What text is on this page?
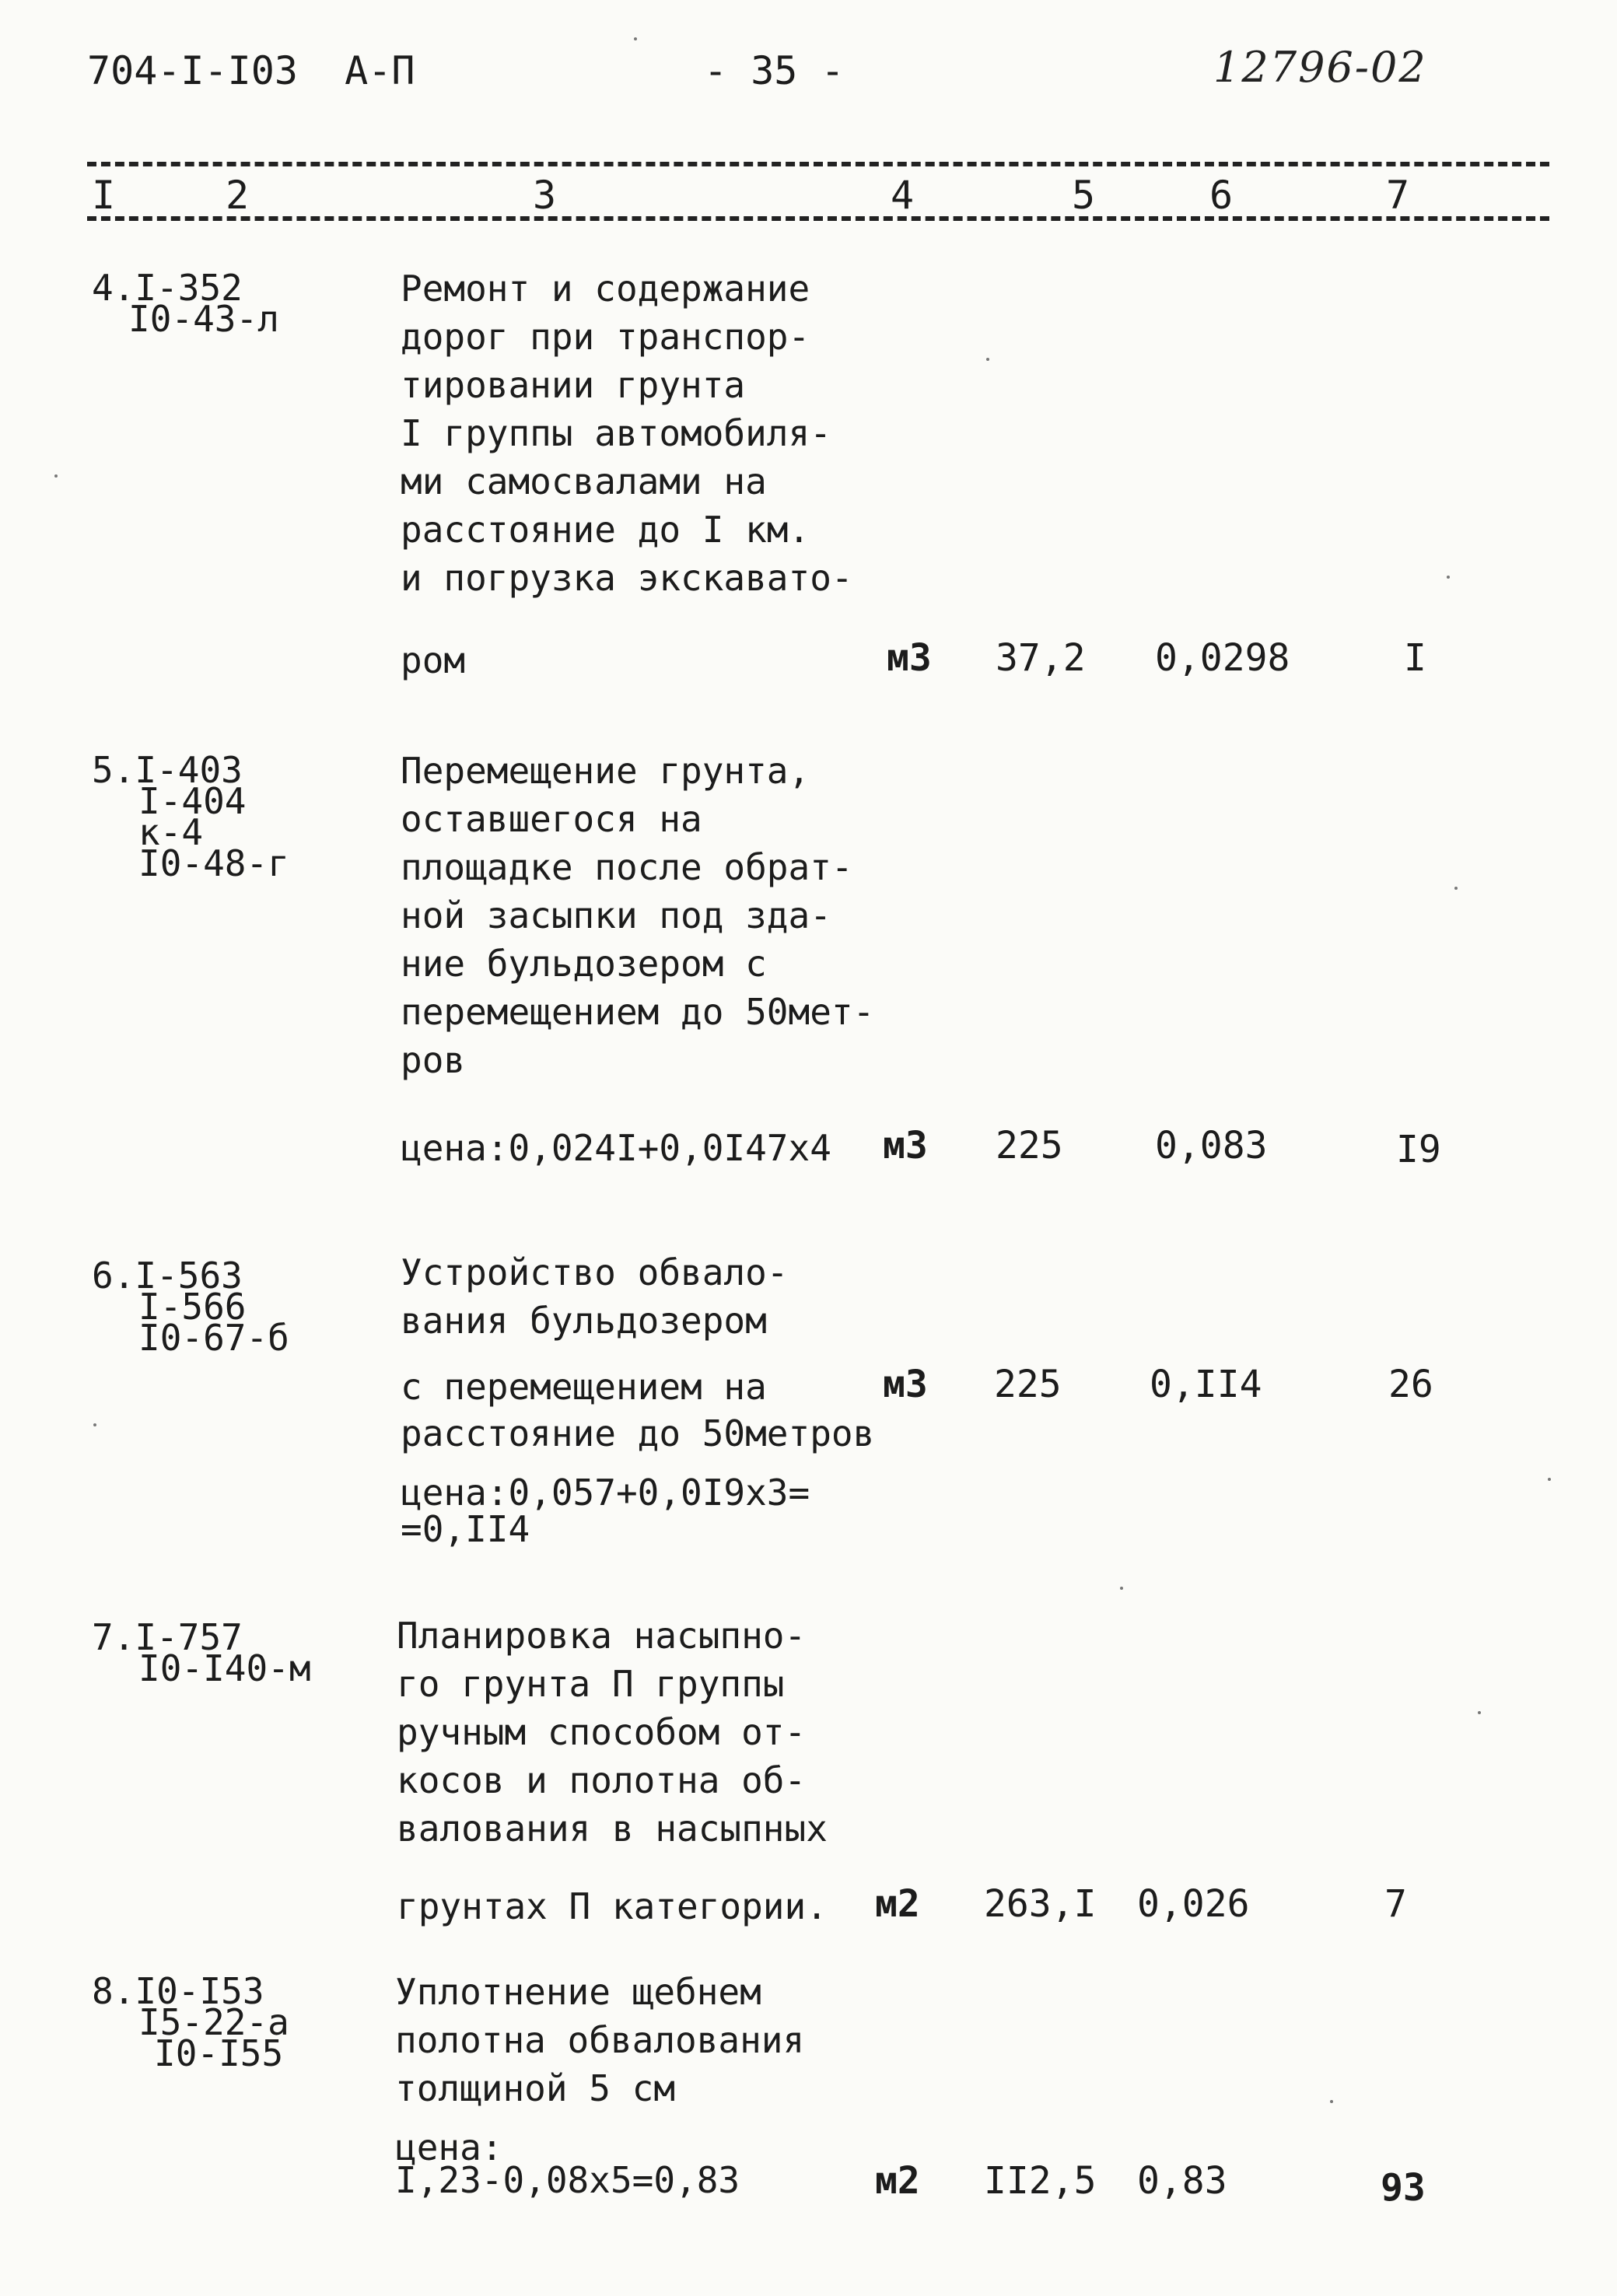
704-I-I03  А-П	- 35 -	12796-02
I	2	3	4	5	6	7
4.I-352
I0-43-л
Ремонт и содержание
дорог при транспор-
тировании грунта
I группы автомобиля-
ми самосвалами на
расстояние до I км.
и погрузка экскавато-
ром	м3 37,2 0,0298	I
5.I-403
I-404
к-4
I0-48-г
Перемещение грунта,
оставшегося на
площадке после обрат-
ной засыпки под зда-
ние бульдозером с
перемещением до 50мет-
ров
цена:0,024I+0,0I47x4 м3 225 0,083	I9
6.I-563
I-566
I0-67-б
Устройство обвало-
вания бульдозером
с перемещением на
расстояние до 50метров
цена:0,057+0,0I9x3=
=0,II4
м3 225 0,II4	26
7.I-757
I0-I40-м
Планировка насыпно-
го грунта П группы
ручным способом от-
косов и полотна об-
валования в насыпных
грунтах П категории. м2 263,I 0,026	7
8.I0-I53
I5-22-а
I0-I55
Уплотнение щебнем
полотна обвалования
толщиной 5 см
цена:
I,23-0,08x5=0,83	м2 II2,5 0,83	93
